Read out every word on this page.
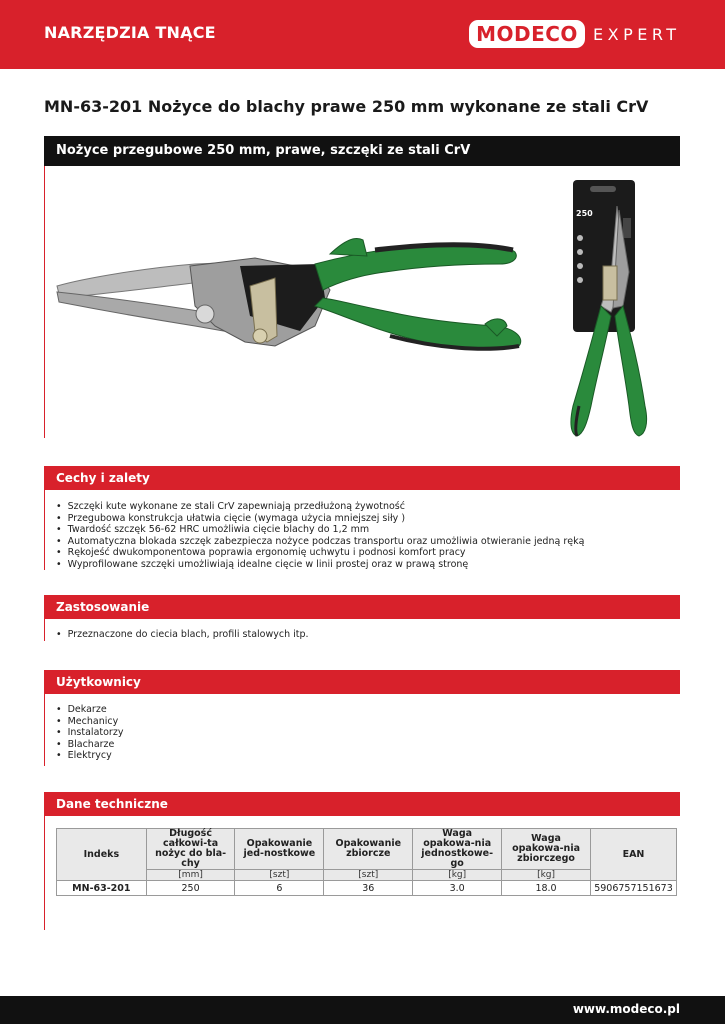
NARZĘDZIA TNĄCE	MODECO EXPERT
MN-63-201 Nożyce do blachy prawe 250 mm wykonane ze stali CrV
Nożyce przegubowe 250 mm, prawe, szczęki ze stali CrV
250
Cechy i zalety
• Szczęki kute wykonane ze stali CrV zapewniają przedłużoną żywotność
• Przegubowa konstrukcja ułatwia cięcie (wymaga użycia mniejszej siły )
• Twardość szczęk 56-62 HRC umożliwia cięcie blachy do 1,2 mm
• Automatyczna blokada szczęk zabezpiecza nożyce podczas transportu oraz umożliwia otwieranie jedną ręką
• Rękojeść dwukomponentowa poprawia ergonomię uchwytu i podnosi komfort pracy
• Wyprofilowane szczęki umożliwiają idealne cięcie w linii prostej oraz w prawą stronę
Zastosowanie
• Przeznaczone do ciecia blach, profili stalowych itp.
Użytkownicy
• Dekarze
• Mechanicy
• Instalatorzy
• Blacharze
• Elektrycy
Dane techniczne
Indeks	Długość całkowi-ta nożyc do bla-chy	Opakowanie jed-nostkowe	Opakowanie zbiorcze	Waga opakowa-nia jednostkowe-go	Waga opakowa-nia zbiorczego	EAN
	[mm]	[szt]	[szt]	[kg]	[kg]	
MN-63-201	250	6	36	3.0	18.0	5906757151673
www.modeco.pl
